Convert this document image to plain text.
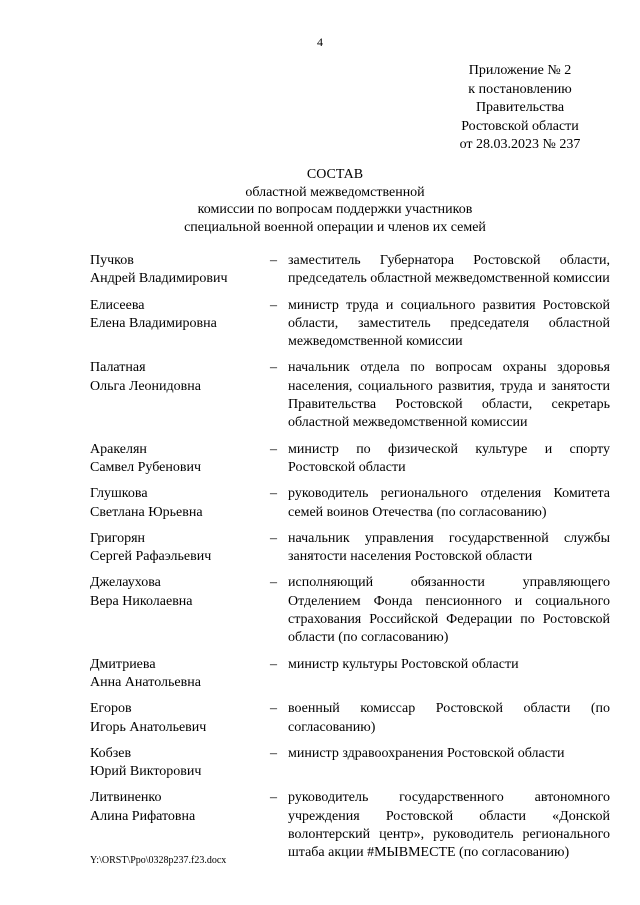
4
Приложение № 2
к постановлению
Правительства
Ростовской области
от 28.03.2023 № 237
СОСТАВ
областной межведомственной
комиссии по вопросам поддержки участников
специальной военной операции и членов их семей
Пучков
Андрей Владимирович
– заместитель Губернатора Ростовской области, председатель областной межведомственной комиссии
Елисеева
Елена Владимировна
– министр труда и социального развития Ростовской области, заместитель председателя областной межведомственной комиссии
Палатная
Ольга Леонидовна
– начальник отдела по вопросам охраны здоровья населения, социального развития, труда и занятости Правительства Ростовской области, секретарь областной межведомственной комиссии
Аракелян
Самвел Рубенович
– министр по физической культуре и спорту Ростовской области
Глушкова
Светлана Юрьевна
– руководитель регионального отделения Комитета семей воинов Отечества (по согласованию)
Григорян
Сергей Рафаэльевич
– начальник управления государственной службы занятости населения Ростовской области
Джелаухова
Вера Николаевна
– исполняющий обязанности управляющего Отделением Фонда пенсионного и социального страхования Российской Федерации по Ростовской области (по согласованию)
Дмитриева
Анна Анатольевна
– министр культуры Ростовской области
Егоров
Игорь Анатольевич
– военный комиссар Ростовской области (по согласованию)
Кобзев
Юрий Викторович
– министр здравоохранения Ростовской области
Литвиненко
Алина Рифатовна
– руководитель государственного автономного учреждения Ростовской области «Донской волонтерский центр», руководитель регионального штаба акции #МЫВМЕСТЕ (по согласованию)
Y:\ORST\Ppo\0328p237.f23.docx
